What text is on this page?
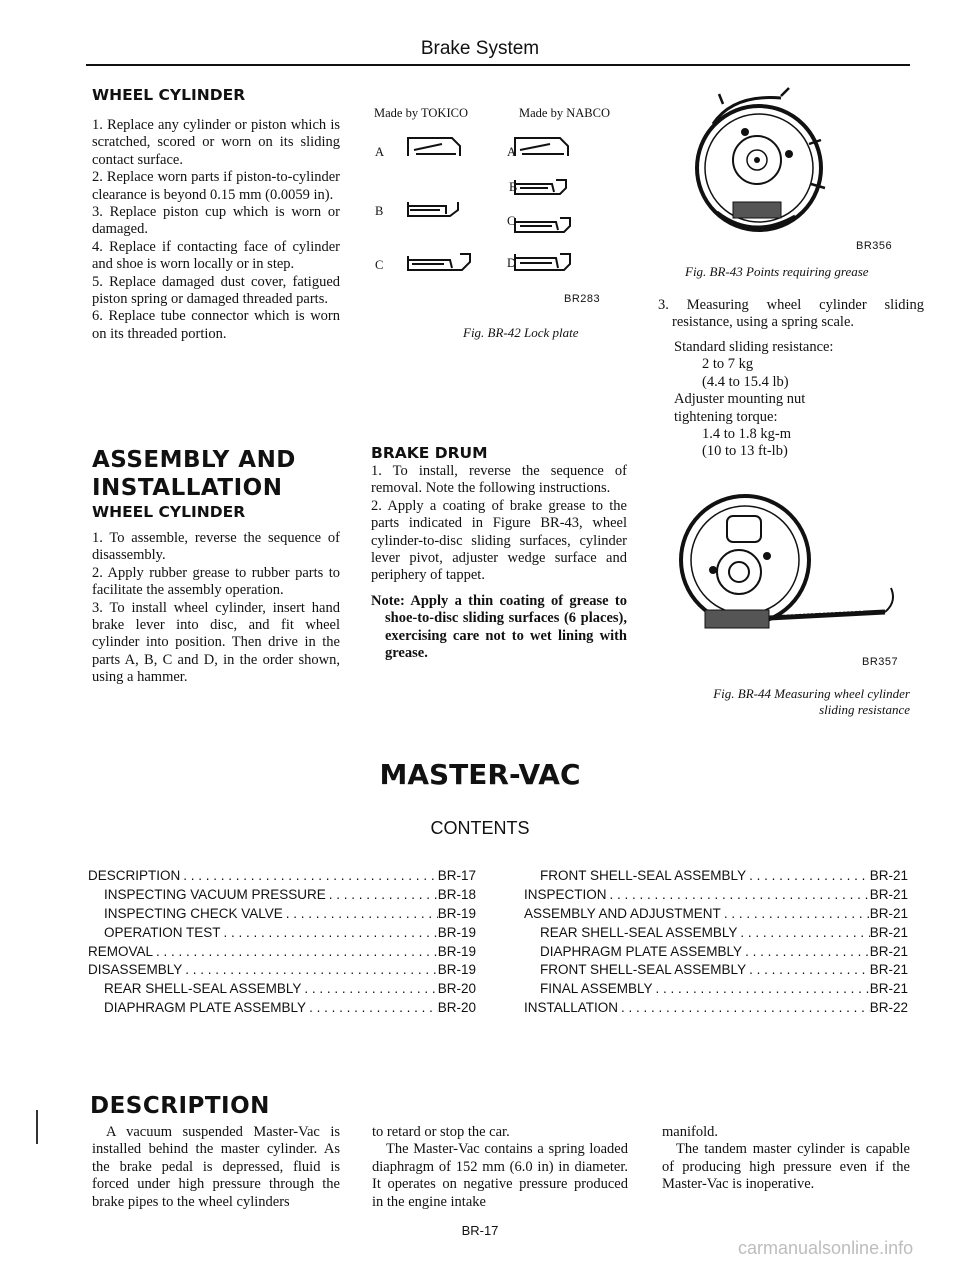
Brake System
WHEEL CYLINDER

1. Replace any cylinder or piston which is scratched, scored or worn on its sliding contact surface.

2. Replace worn parts if piston-to-cylinder clearance is beyond 0.15 mm (0.0059 in).

3. Replace piston cup which is worn or damaged.

4. Replace if contacting face of cylinder and shoe is worn locally or in step.

5. Replace damaged dust cover, fatigued piston spring or damaged threaded parts.

6. Replace tube connector which is worn on its threaded portion.

ASSEMBLY AND
INSTALLATION
WHEEL CYLINDER

1. To assemble, reverse the sequence of disassembly.

2. Apply rubber grease to rubber parts to facilitate the assembly operation.

3. To install wheel cylinder, insert hand brake lever into disc, and fit wheel cylinder into position. Then drive in the parts A, B, C and D, in the order shown, using a hammer.

Made by TOKICO	Made by NABCO
A
B
C
A
B
C
D
BR283
Fig. BR-42 Lock plate
BRAKE DRUM

1. To install, reverse the sequence of removal. Note the following instructions.

2. Apply a coating of brake grease to the parts indicated in Figure BR-43, wheel cylinder-to-disc sliding surfaces, cylinder lever pivot, adjuster wedge surface and periphery of tappet.

Note: Apply a thin coating of grease to shoe-to-disc sliding surfaces (6 places), exercising care not to wet lining with grease.

BR356
Fig. BR-43 Points requiring grease
3. Measuring wheel cylinder sliding resistance, using a spring scale.

Standard sliding resistance:

2 to 7 kg

(4.4 to 15.4 lb)

Adjuster mounting nut

tightening torque:

1.4 to 1.8 kg-m

(10 to 13 ft-lb)

BR357
Fig. BR-44 Measuring wheel cylinder
sliding resistance
MASTER-VAC
CONTENTS
DESCRIPTION . . .	BR-17
INSPECTING VACUUM PRESSURE . . .	BR-18
INSPECTING CHECK VALVE . . .	BR-19
OPERATION TEST . . .	BR-19
REMOVAL . . .	BR-19
DISASSEMBLY . . .	BR-19
REAR SHELL-SEAL ASSEMBLY . . .	BR-20
DIAPHRAGM PLATE ASSEMBLY . . .	BR-20
FRONT SHELL-SEAL ASSEMBLY . . .	BR-21
INSPECTION . . .	BR-21
ASSEMBLY AND ADJUSTMENT . . .	BR-21
REAR SHELL-SEAL ASSEMBLY . . .	BR-21
DIAPHRAGM PLATE ASSEMBLY . . .	BR-21
FRONT SHELL-SEAL ASSEMBLY . . .	BR-21
FINAL ASSEMBLY . . .	BR-21
INSTALLATION . . .	BR-22
DESCRIPTION
A vacuum suspended Master-Vac is installed behind the master cylinder. As the brake pedal is depressed, fluid is forced under high pressure through the brake pipes to the wheel cylinders

to retard or stop the car.

The Master-Vac contains a spring loaded diaphragm of 152 mm (6.0 in) in diameter. It operates on negative pressure produced in the engine intake

manifold.

The tandem master cylinder is capable of producing high pressure even if the Master-Vac is inoperative.

BR-17
carmanualsonline.info
